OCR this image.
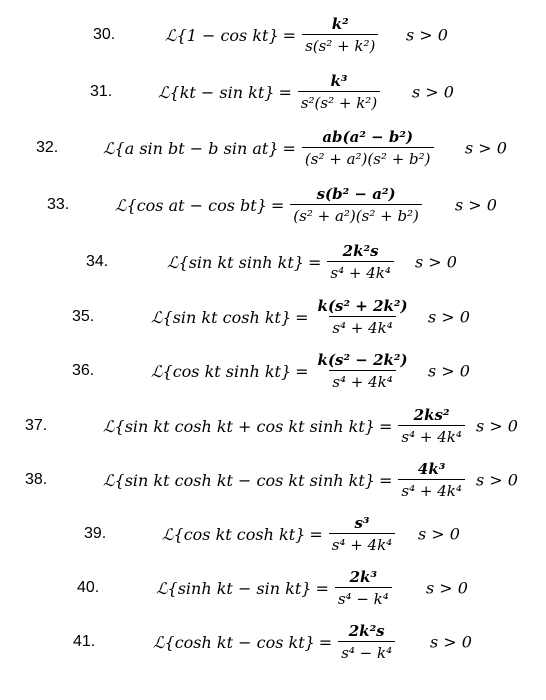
30.	ℒ{1 − $\cos kt\} = \frac{\text{k²}}{\text{s(s² + k²)}}$ s > 0
31.	ℒ{kt − $\sin kt\} = \frac{\text{k³}}{\text{s²(s² + k²)}}$ s > 0
32.	ℒ{a sin bt − b $\sin at\} = \frac{\text{ab(a² − b²)}}{\text{(s² + a²)(s² + b²)}}$ s > 0
33.	ℒ{cos at − $\cos bt\} = \frac{\text{s(b² − a²)}}{\text{(s² + a²)(s² + b²)}}$ s > 0
34.	ℒ{sin kt $\sinh kt\} = \frac{\text{2k²s}}{\text{s⁴ + 4k⁴}}$ s > 0
35.	ℒ{sin kt $\cosh kt\} = \frac{\text{k(s² + 2k²)}}{\text{s⁴ + 4k⁴}}$ s > 0
36.	ℒ{cos kt $\sinh kt\} = \frac{\text{k(s² − 2k²)}}{\text{s⁴ + 4k⁴}}$ s > 0
37.	ℒ{sin kt cosh kt + cos kt $\sinh kt\} = \frac{\text{2ks²}}{\text{s⁴ + 4k⁴}}$ s > 0
38.	ℒ{sin kt cosh kt − cos kt $\sinh kt\} = \frac{\text{4k³}}{\text{s⁴ + 4k⁴}}$ s > 0
39.	ℒ{cos kt $\cosh kt\} = \frac{\text{s³}}{\text{s⁴ + 4k⁴}}$ s > 0
40.	ℒ{sinh kt − $\sin kt\} = \frac{\text{2k³}}{\text{s⁴ − k⁴}}$ s > 0
41.	ℒ{cosh kt − $\cos kt\} = \frac{\text{2k²s}}{\text{s⁴ − k⁴}}$ s > 0
